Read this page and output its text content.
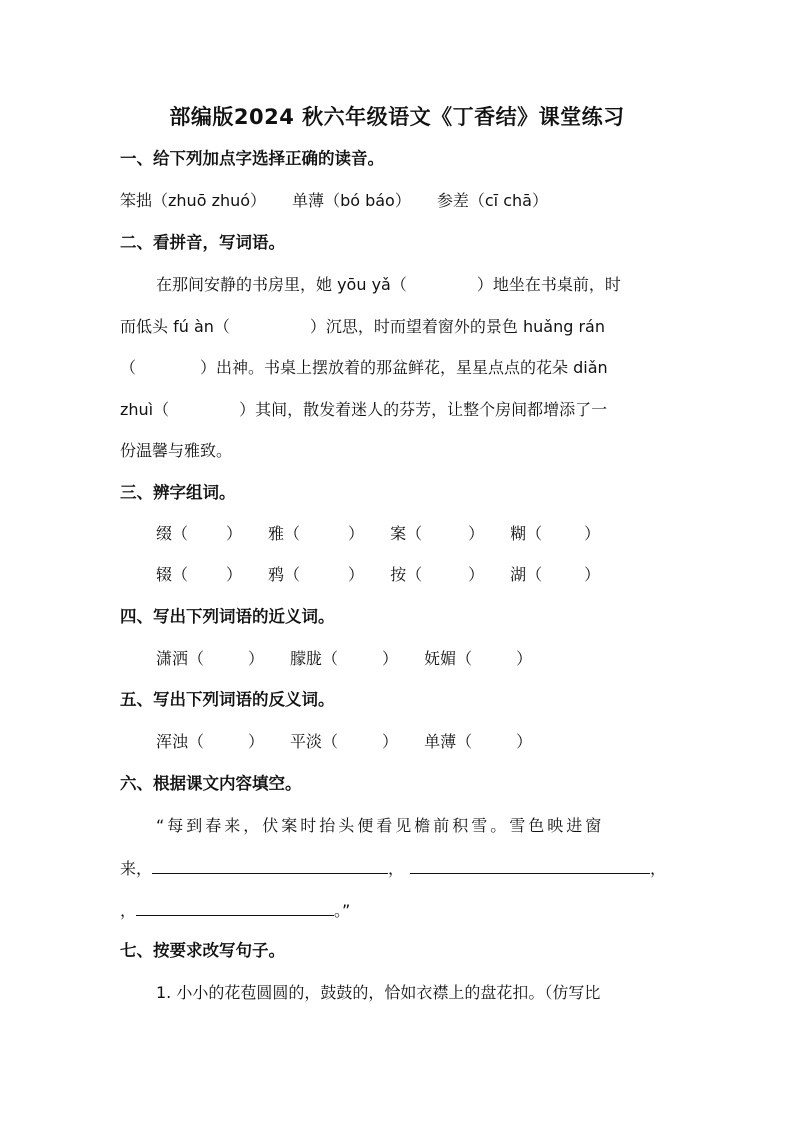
部编版2024 秋六年级语文《丁香结》课堂练习
一、给下列加点字选择正确的读音。
笨拙（zhuō zhuó） 单薄（bó báo） 参差（cī chā）
二、看拼音，写词语。
在那间安静的书房里，她 yōu yǎ（	）地坐在书桌前，时
而低头 fú àn（	）沉思，时而望着窗外的景色 huǎng rán
（	）出神。书桌上摆放着的那盆鲜花，星星点点的花朵 diǎn
zhuì（	）其间，散发着迷人的芬芳，让整个房间都增添了一
份温馨与雅致。
三、辨字组词。
缀（ ） 雅（	） 案（	） 糊（	）
辍（ ） 鸦（	） 按（	） 湖（	）
四、写出下列词语的近义词。
潇洒（	） 朦胧（	） 妩媚（	）
五、写出下列词语的反义词。
浑浊（	） 平淡（	） 单薄（	）
六、根据课文内容填空。
“每到春来，伏案时抬头便看见檐前积雪。雪色映进窗
来，	，	，
，	。”
七、按要求改写句子。
1. 小小的花苞圆圆的，鼓鼓的，恰如衣襟上的盘花扣。（仿写比
